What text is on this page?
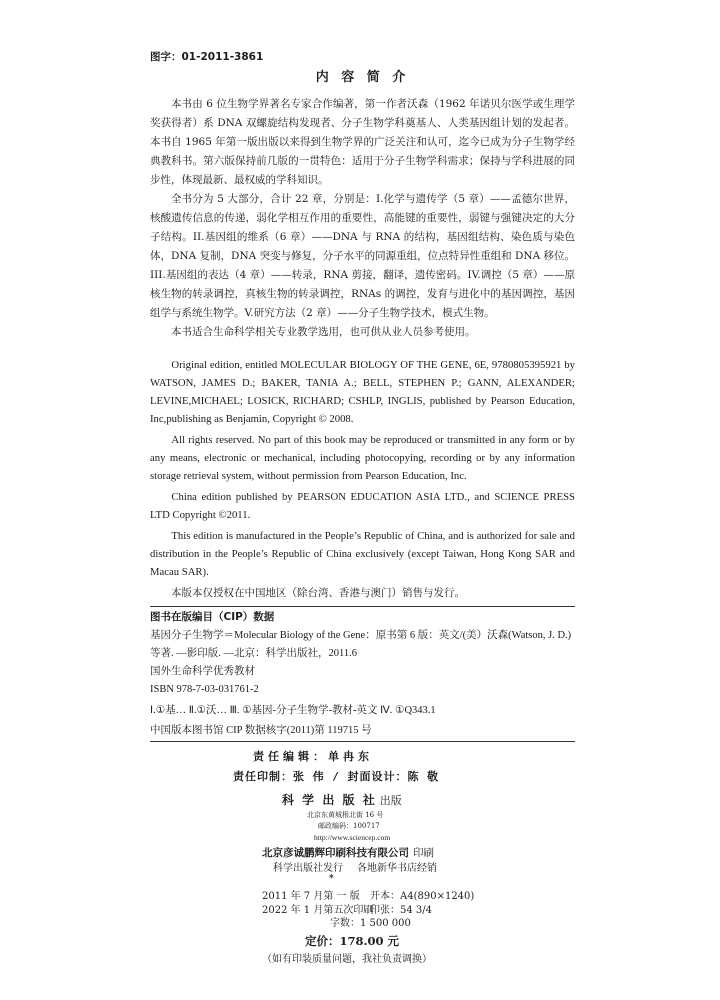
图字：01-2011-3861
内 容 简 介

本书由 6 位生物学界著名专家合作编著，第一作者沃森（1962 年诺贝尔医学或生理学奖获得者）系 DNA 双螺旋结构发现者、分子生物学科奠基人、人类基因组计划的发起者。本书自 1965 年第一版出版以来得到生物学界的广泛关注和认可，迄今已成为分子生物学经典教科书。第六版保持前几版的一贯特色：适用于分子生物学科需求；保持与学科进展的同步性，体现最新、最权威的学科知识。

全书分为 5 大部分，合计 22 章，分别是：I.化学与遗传学（5 章）——孟德尔世界，核酸遗传信息的传递，弱化学相互作用的重要性，高能键的重要性，弱键与强键决定的大分子结构。II.基因组的维系（6 章）——DNA 与 RNA 的结构，基因组结构、染色质与染色体，DNA 复制，DNA 突变与修复，分子水平的同源重组，位点特异性重组和 DNA 移位。III.基因组的表达（4 章）——转录，RNA 剪接，翻译，遗传密码。IV.调控（5 章）——原核生物的转录调控，真核生物的转录调控，RNAs 的调控，发育与进化中的基因调控，基因组学与系统生物学。V.研究方法（2 章）——分子生物学技术，模式生物。

本书适合生命科学相关专业教学选用，也可供从业人员参考使用。

Original edition, entitled MOLECULAR BIOLOGY OF THE GENE, 6E, 9780805395921 by WATSON, JAMES D.; BAKER, TANIA A.; BELL, STEPHEN P.; GANN, ALEXANDER; LEVINE,MICHAEL; LOSICK, RICHARD; CSHLP, INGLIS, published by Pearson Education, Inc,publishing as Benjamin, Copyright © 2008.

All rights reserved. No part of this book may be reproduced or transmitted in any form or by any means, electronic or mechanical, including photocopying, recording or by any information storage retrieval system, without permission from Pearson Education, Inc.

China edition published by PEARSON EDUCATION ASIA LTD., and SCIENCE PRESS LTD Copyright ©2011.

This edition is manufactured in the People’s Republic of China, and is authorized for sale and distribution in the People’s Republic of China exclusively (except Taiwan, Hong Kong SAR and Macau SAR).

本版本仅授权在中国地区（除台湾、香港与澳门）销售与发行。

图书在版编目（CIP）数据
基因分子生物学＝Molecular Biology of the Gene：原书第 6 版：英文/(美）沃森(Watson, J. D.)等著. —影印版. —北京：科学出版社，2011.6
国外生命科学优秀教材
ISBN 978-7-03-031761-2
Ⅰ.①基… Ⅱ.①沃… Ⅲ. ①基因-分子生物学-教材-英文 Ⅳ. ①Q343.1
中国版本图书馆 CIP 数据核字(2011)第 119715 号
责任编辑：单冉东
责任印制：张 伟 / 封面设计：陈 敬
科 学 出 版 社 出版
北京东黄城根北街 16 号
邮政编码：100717
http://www.sciencep.com
北京彦诚鹏辉印刷科技有限公司 印刷
科学出版社发行 各地新华书店经销
*
2011 年 7 月第 一 版 开本：A4(890×1240)
2022 年 1 月第五次印刷印张：54 3/4
字数：1 500 000
定价：178.00 元
（如有印装质量问题，我社负责调换）
